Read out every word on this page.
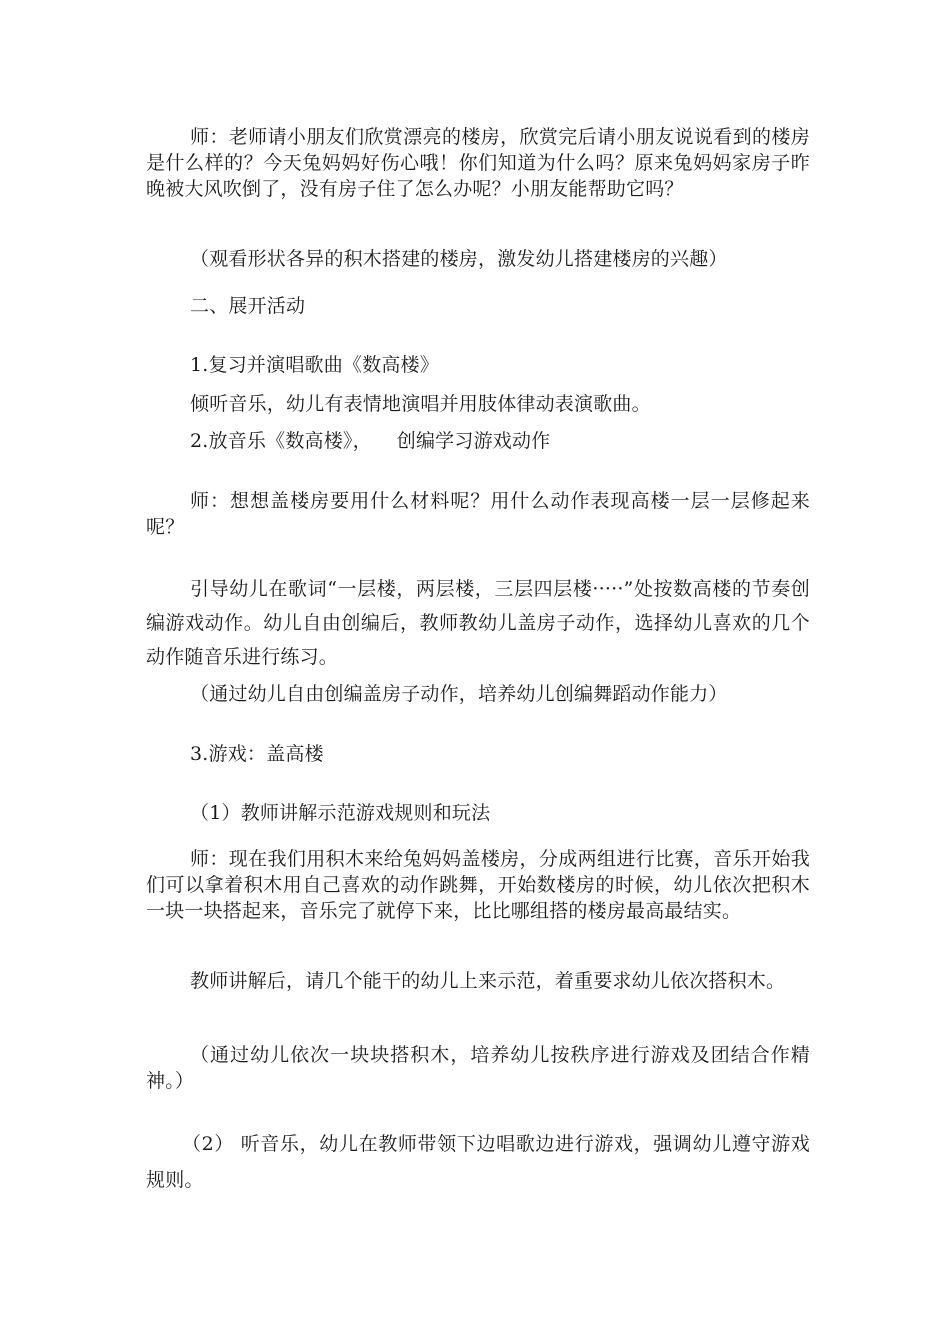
师：老师请小朋友们欣赏漂亮的楼房，欣赏完后请小朋友说说看到的楼房是什么样的？今天兔妈妈好伤心哦！你们知道为什么吗？原来兔妈妈家房子昨晚被大风吹倒了，没有房子住了怎么办呢？小朋友能帮助它吗？

（观看形状各异的积木搭建的楼房，激发幼儿搭建楼房的兴趣）

二、展开活动

1.复习并演唱歌曲《数高楼》

倾听音乐，幼儿有表情地演唱并用肢体律动表演歌曲。

2.放音乐《数高楼》，    创编学习游戏动作

师：想想盖楼房要用什么材料呢？用什么动作表现高楼一层一层修起来呢？

引导幼儿在歌词“一层楼，两层楼，三层四层楼·····”处按数高楼的节奏创编游戏动作。幼儿自由创编后，教师教幼儿盖房子动作，选择幼儿喜欢的几个动作随音乐进行练习。

（通过幼儿自由创编盖房子动作，培养幼儿创编舞蹈动作能力）

3.游戏：盖高楼

（1）教师讲解示范游戏规则和玩法

师：现在我们用积木来给兔妈妈盖楼房，分成两组进行比赛，音乐开始我们可以拿着积木用自己喜欢的动作跳舞，开始数楼房的时候，幼儿依次把积木一块一块搭起来，音乐完了就停下来，比比哪组搭的楼房最高最结实。

教师讲解后，请几个能干的幼儿上来示范，着重要求幼儿依次搭积木。

（通过幼儿依次一块块搭积木，培养幼儿按秩序进行游戏及团结合作精神。）

（2） 听音乐，幼儿在教师带领下边唱歌边进行游戏，强调幼儿遵守游戏规则。
